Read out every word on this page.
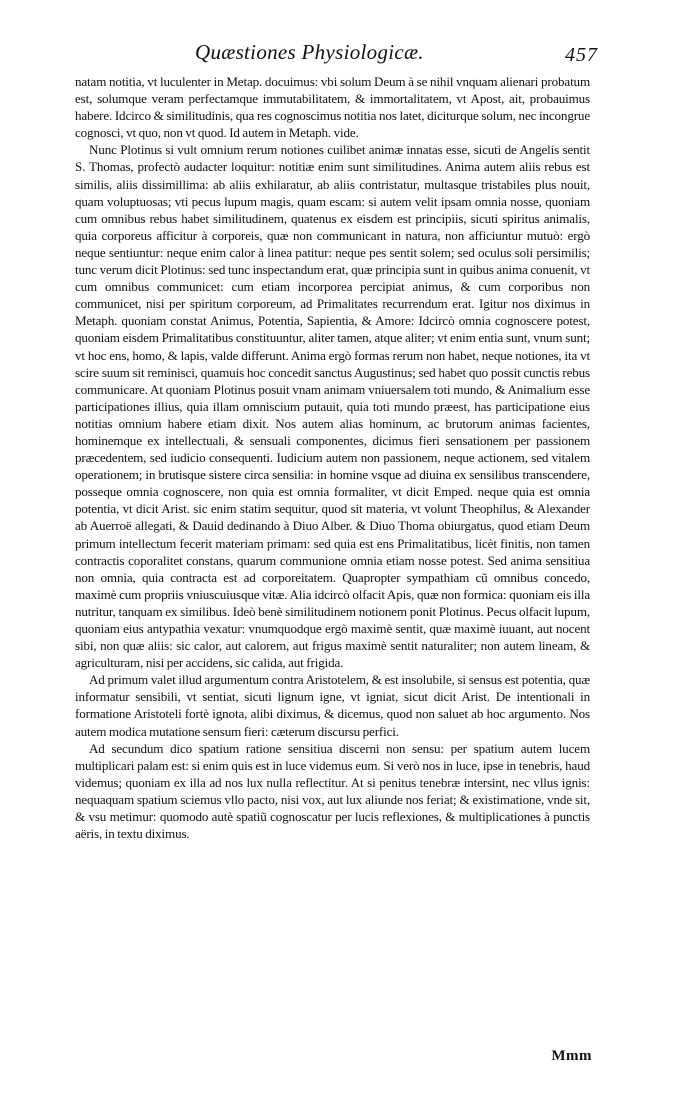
Quæstiones Physiologicæ.	457

natam notitia, vt luculenter in Metap. docuimus: vbi solum Deum à se nihil vnquam alienari probatum est, solumque veram perfectamque immutabilitatem, & immortalitatem, vt Apost, ait, probauimus habere. Idcirco & similitudinis, qua res cognoscimus notitia nos latet, diciturque solum, nec incongrue cognosci, vt quo, non vt quod. Id autem in Metaph. vide.

Nunc Plotinus si vult omnium rerum notiones cuilibet animæ innatas esse, sicuti de Angelis sentit S. Thomas, profectò audacter loquitur: notitiæ enim sunt similitudines. Anima autem aliis rebus est similis, aliis dissimillima: ab aliis exhilaratur, ab aliis contristatur, multasque tristabiles plus nouit, quam voluptuosas; vti pecus lupum magis, quam escam: si autem velit ipsam omnia nosse, quoniam cum omnibus rebus habet similitudinem, quatenus ex eisdem est principiis, sicuti spiritus animalis, quia corporeus afficitur à corporeis, quæ non communicant in natura, non afficiuntur mutuò: ergò neque sentiuntur: neque enim calor à linea patitur: neque pes sentit solem; sed oculus soli persimilis; tunc verum dicit Plotinus: sed tunc inspectandum erat, quæ principia sunt in quibus anima conuenit, vt cum omnibus communicet: cum etiam incorporea percipiat animus, & cum corporibus non communicet, nisi per spiritum corporeum, ad Primalitates recurrendum erat. Igitur nos diximus in Metaph. quoniam constat Animus, Potentia, Sapientia, & Amore: Idcircò omnia cognoscere potest, quoniam eisdem Primalitatibus constituuntur, aliter tamen, atque aliter; vt enim entia sunt, vnum sunt; vt hoc ens, homo, & lapis, valde differunt. Anima ergò formas rerum non habet, neque notiones, ita vt scire suum sit reminisci, quamuis hoc concedit sanctus Augustinus; sed habet quo possit cunctis rebus communicare. At quoniam Plotinus posuit vnam animam vniuersalem toti mundo, & Animalium esse participationes illius, quia illam omniscium putauit, quia toti mundo præest, has participatione eius notitias omnium habere etiam dixit. Nos autem alias hominum, ac brutorum animas facientes, hominemque ex intellectuali, & sensuali componentes, dicimus fieri sensationem per passionem præcedentem, sed iudicio consequenti. Iudicium autem non passionem, neque actionem, sed vitalem operationem; in brutisque sistere circa sensilia: in homine vsque ad diuina ex sensilibus transcendere, posseque omnia cognoscere, non quia est omnia formaliter, vt dicit Emped. neque quia est omnia potentia, vt dicit Arist. sic enim statim sequitur, quod sit materia, vt volunt Theophilus, & Alexander ab Auerroë allegati, & Dauid dedinando à Diuo Alber. & Diuo Thoma obiurgatus, quod etiam Deum primum intellectum fecerit materiam primam: sed quia est ens Primalitatibus, licèt finitis, non tamen contractis coporalitet constans, quarum communione omnia etiam nosse potest. Sed anima sensitiua non omnia, quia contracta est ad corporeitatem. Quapropter sympathiam cũ omnibus concedo, maximè cum propriis vniuscuiusque vitæ. Alia idcircò olfacit Apis, quæ non formica: quoniam eis illa nutritur, tanquam ex similibus. Ideò benè similitudinem notionem ponit Plotinus. Pecus olfacit lupum, quoniam eius antypathia vexatur: vnumquodque ergò maximè sentit, quæ maximè iuuant, aut nocent sibi, non quæ aliis: sic calor, aut calorem, aut frigus maximè sentit naturaliter; non autem lineam, & agriculturam, nisi per accidens, sic calida, aut frigida.

Ad primum valet illud argumentum contra Aristotelem, & est insolubile, si sensus est potentia, quæ informatur sensibili, vt sentiat, sicuti lignum igne, vt igniat, sicut dicit Arist. De intentionali in formatione Aristoteli fortè ignota, alibi diximus, & dicemus, quod non saluet ab hoc argumento. Nos autem modica mutatione sensum fieri: cæterum discursu perfici.

Ad secundum dico spatium ratione sensitiua discerni non sensu: per spatium autem lucem multiplicari palam est: si enim quis est in luce videmus eum. Si verò nos in luce, ipse in tenebris, haud videmus; quoniam ex illa ad nos lux nulla reflectitur. At si penitus tenebræ intersint, nec vllus ignis: nequaquam spatium sciemus vllo pacto, nisi vox, aut lux aliunde nos feriat; & existimatione, vnde sit, & vsu metimur: quomodo autè spatiũ cognoscatur per lucis reflexiones, & multiplicationes à punctis aëris, in textu diximus.

Mmm
